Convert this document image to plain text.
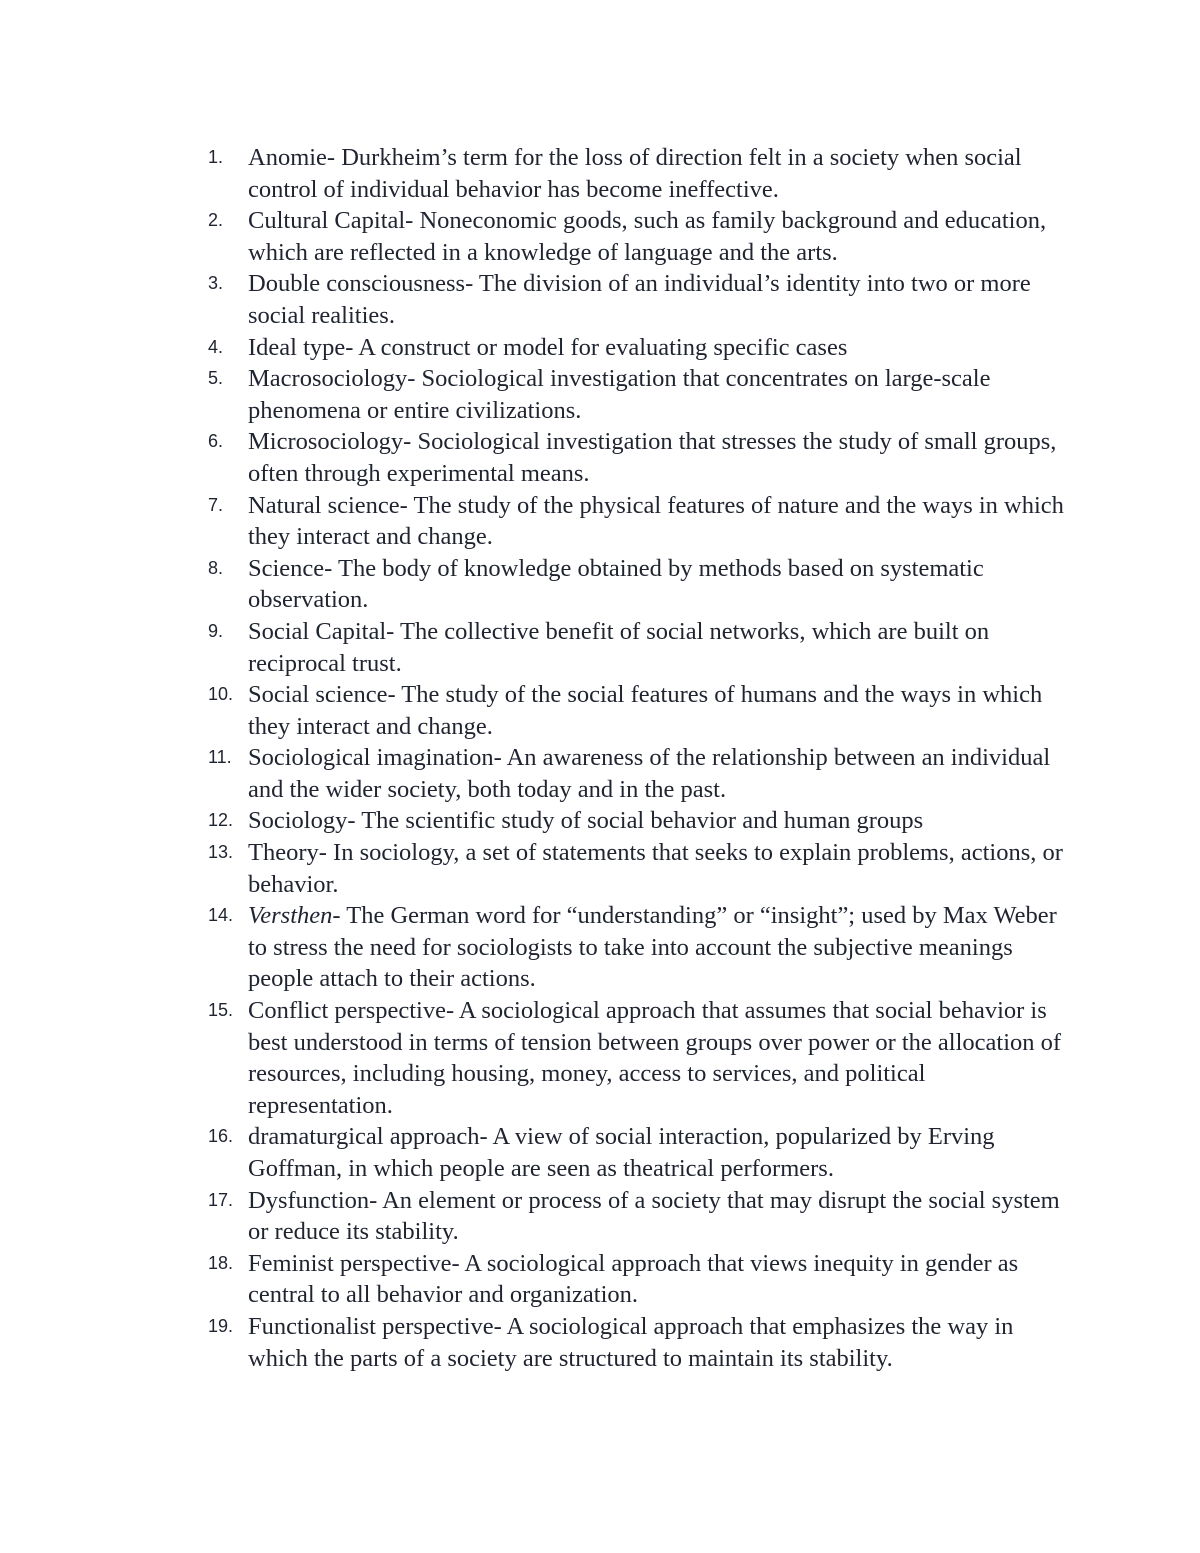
1.	Anomie- Durkheim’s term for the loss of direction felt in a society when social control of individual behavior has become ineffective.
2.	Cultural Capital- Noneconomic goods, such as family background and education, which are reflected in a knowledge of language and the arts.
3.	Double consciousness- The division of an individual’s identity into two or more social realities.
4.	Ideal type- A construct or model for evaluating specific cases
5.	Macrosociology- Sociological investigation that concentrates on large-scale phenomena or entire civilizations.
6.	Microsociology- Sociological investigation that stresses the study of small groups, often through experimental means.
7.	Natural science- The study of the physical features of nature and the ways in which they interact and change.
8.	Science- The body of knowledge obtained by methods based on systematic observation.
9.	Social Capital- The collective benefit of social networks, which are built on reciprocal trust.
10. Social science- The study of the social features of humans and the ways in which they interact and change.
11. Sociological imagination- An awareness of the relationship between an individual and the wider society, both today and in the past.
12. Sociology- The scientific study of social behavior and human groups
13. Theory- In sociology, a set of statements that seeks to explain problems, actions, or behavior.
14. Versthen- The German word for “understanding” or “insight”; used by Max Weber to stress the need for sociologists to take into account the subjective meanings people attach to their actions.
15. Conflict perspective- A sociological approach that assumes that social behavior is best understood in terms of tension between groups over power or the allocation of resources, including housing, money, access to services, and political representation.
16. dramaturgical approach- A view of social interaction, popularized by Erving Goffman, in which people are seen as theatrical performers.
17. Dysfunction- An element or process of a society that may disrupt the social system or reduce its stability.
18. Feminist perspective- A sociological approach that views inequity in gender as central to all behavior and organization.
19. Functionalist perspective- A sociological approach that emphasizes the way in which the parts of a society are structured to maintain its stability.
